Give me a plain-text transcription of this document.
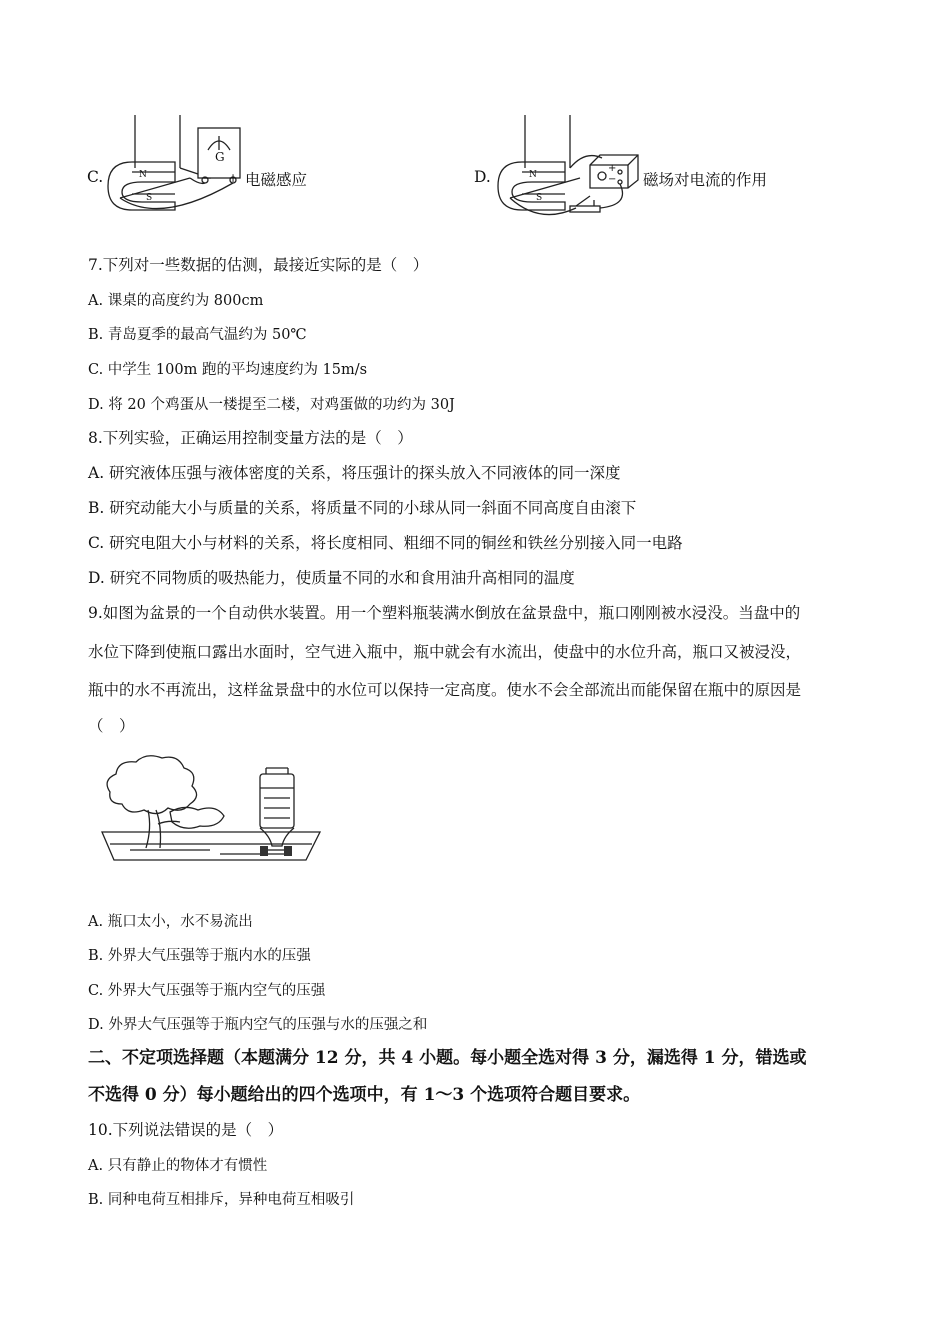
C.	N
S
G
− + 电磁感应	D.	N
S
+
− 磁场对电流的作用
7.下列对一些数据的估测，最接近实际的是（　）
A. 课桌的高度约为 800cm
B. 青岛夏季的最高气温约为 50℃
C. 中学生 100m 跑的平均速度约为 15m/s
D. 将 20 个鸡蛋从一楼提至二楼，对鸡蛋做的功约为 30J
8.下列实验，正确运用控制变量方法的是（　）
A. 研究液体压强与液体密度的关系，将压强计的探头放入不同液体的同一深度
B. 研究动能大小与质量的关系，将质量不同的小球从同一斜面不同高度自由滚下
C. 研究电阻大小与材料的关系，将长度相同、粗细不同的铜丝和铁丝分别接入同一电路
D. 研究不同物质的吸热能力，使质量不同的水和食用油升高相同的温度
9.如图为盆景的一个自动供水装置。用一个塑料瓶装满水倒放在盆景盘中，瓶口刚刚被水浸没。当盘中的
水位下降到使瓶口露出水面时，空气进入瓶中，瓶中就会有水流出，使盘中的水位升高，瓶口又被浸没，
瓶中的水不再流出，这样盆景盘中的水位可以保持一定高度。使水不会全部流出而能保留在瓶中的原因是
（　）
A. 瓶口太小，水不易流出
B. 外界大气压强等于瓶内水的压强
C. 外界大气压强等于瓶内空气的压强
D. 外界大气压强等于瓶内空气的压强与水的压强之和
二、不定项选择题（本题满分 12 分，共 4 小题。每小题全选对得 3 分，漏选得 1 分，错选或
不选得 0 分）每小题给出的四个选项中，有 1～3 个选项符合题目要求。
10.下列说法错误的是（　）
A. 只有静止的物体才有惯性
B. 同种电荷互相排斥，异种电荷互相吸引
